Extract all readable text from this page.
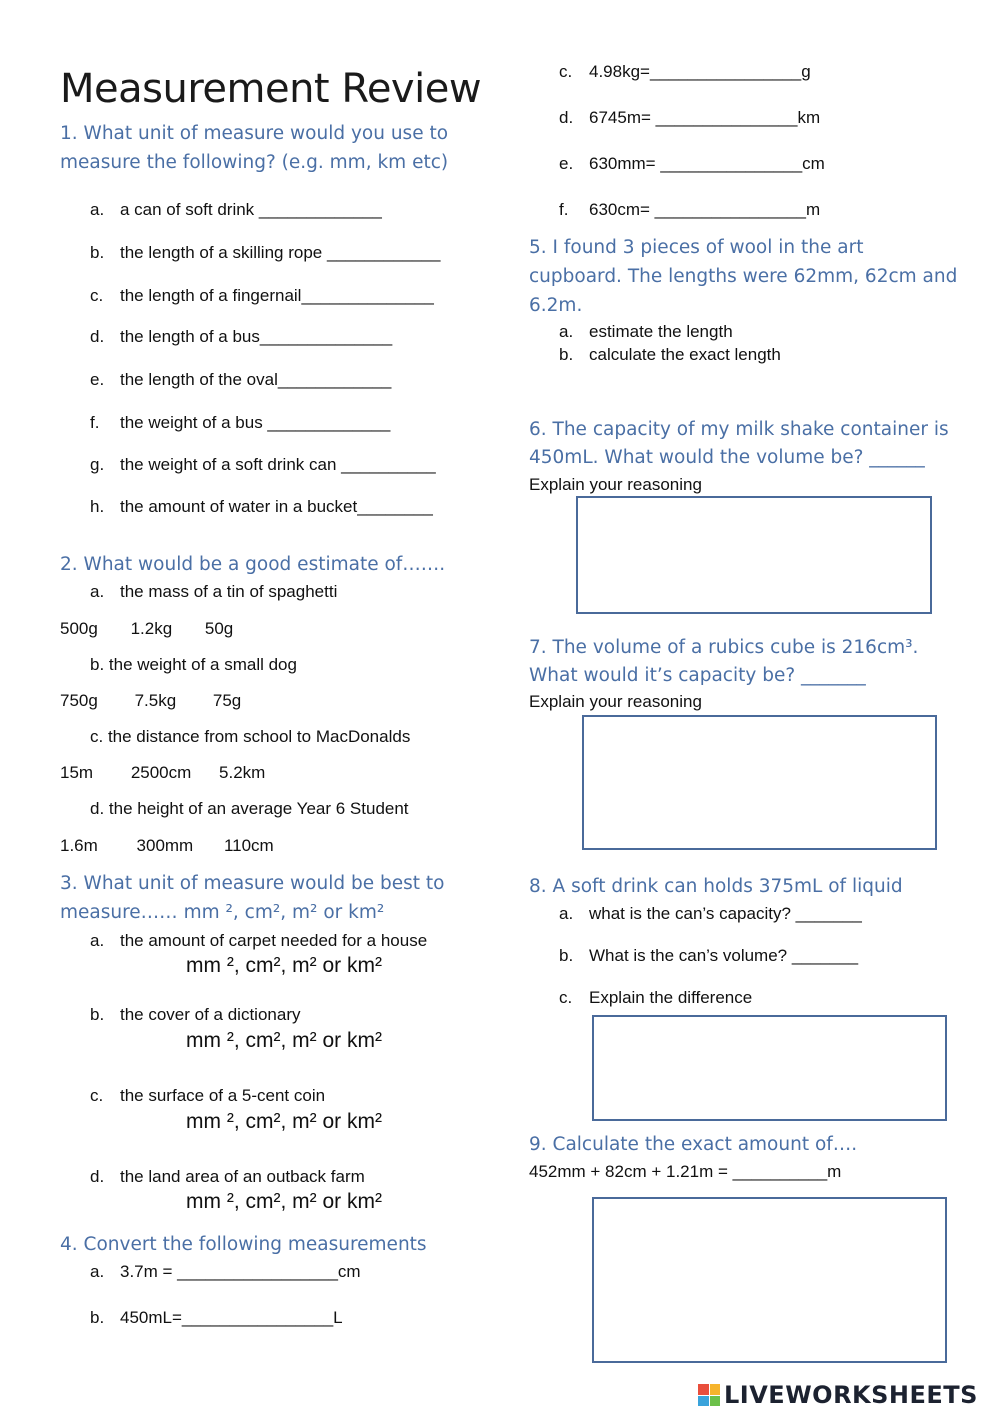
Measurement Review
1. What unit of measure would you use to
measure the following? (e.g. mm, km etc)
a. a can of soft drink _____________
b. the length of a skilling rope ____________
c. the length of a fingernail______________
d. the length of a bus______________
e. the length of the oval____________
f. the weight of a bus _____________
g. the weight of a soft drink can __________
h. the amount of water in a bucket________
2. What would be a good estimate of…….
a. the mass of a tin of spaghetti
500g 1.2kg 50g
b. the weight of a small dog
750g 7.5kg 75g
c. the distance from school to MacDonalds
15m 2500cm 5.2km
d. the height of an average Year 6 Student
1.6m 300mm 110cm
3. What unit of measure would be best to
measure…… mm ², cm², m² or km²
a. the amount of carpet needed for a house
mm ², cm², m² or km²
b. the cover of a dictionary
mm ², cm², m² or km²
c. the surface of a 5-cent coin
mm ², cm², m² or km²
d. the land area of an outback farm
mm ², cm², m² or km²
4. Convert the following measurements
a. 3.7m = _________________cm
b. 450mL=________________L
c. 4.98kg=________________g
d. 6745m= _______________km
e. 630mm= _______________cm
f. 630cm= ________________m
5. I found 3 pieces of wool in the art
cupboard. The lengths were 62mm, 62cm and
6.2m.
a. estimate the length
b. calculate the exact length
6. The capacity of my milk shake container is
450mL. What would the volume be? ______
Explain your reasoning
7. The volume of a rubics cube is 216cm³.
What would it’s capacity be? _______
Explain your reasoning
8. A soft drink can holds 375mL of liquid
a. what is the can’s capacity? _______
b. What is the can’s volume? _______
c. Explain the difference
9. Calculate the exact amount of….
452mm + 82cm + 1.21m = __________m
LIVEWORKSHEETS
